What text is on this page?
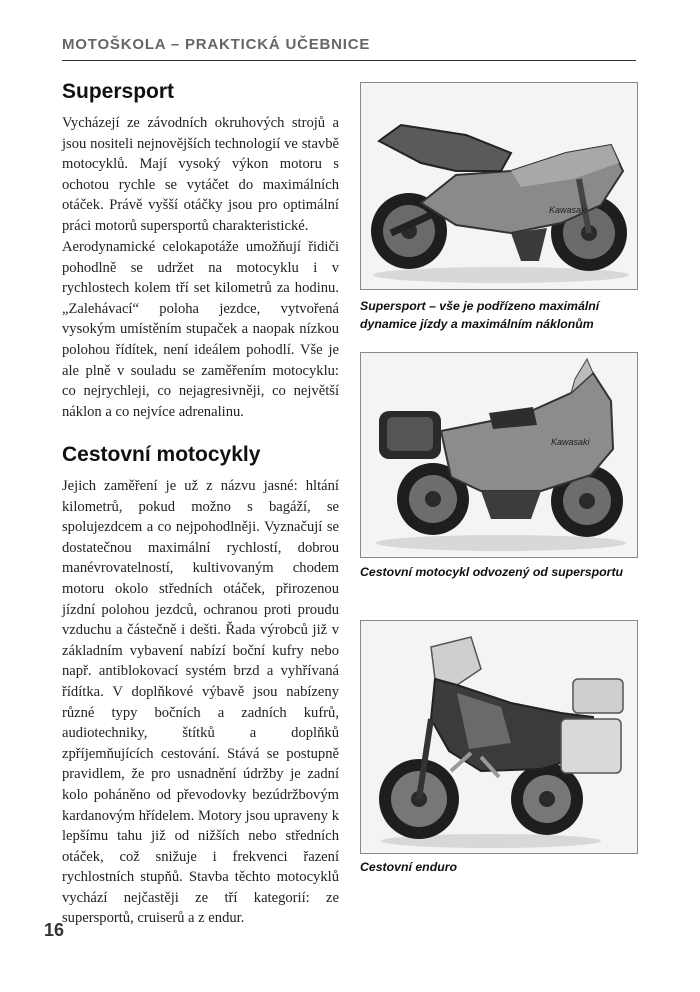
MOTOŠKOLA – PRAKTICKÁ UČEBNICE
Supersport

Vycházejí ze závodních okruhových strojů a jsou nositeli nejnovějších technologií ve stavbě motocyklů. Mají vysoký výkon motoru s ochotou rychle se vytáčet do maximálních otáček. Právě vyšší otáčky jsou pro optimální práci motorů supersportů charakteristické.

Aerodynamické celokapotáže umožňují řidiči pohodlně se udržet na motocyklu i v rychlostech kolem tří set kilometrů za hodinu. „Zalehávací“ poloha jezdce, vytvořená vysokým umístěním stupaček a naopak nízkou polohou řídítek, není ideálem pohodlí. Vše je ale plně v souladu se zaměřením motocyklu: co nejrychleji, co nejagresivněji, co největší náklon a co nejvíce adrenalinu.

Cestovní motocykly

Jejich zaměření je už z názvu jasné: hltání kilometrů, pokud možno s bagáží, se spolujezdcem a co nejpohodlněji. Vyznačují se dostatečnou maximální rychlostí, dobrou manévrovatelností, kultivovaným chodem motoru okolo středních otáček, přirozenou jízdní polohou jezdců, ochranou proti proudu vzduchu a částečně i dešti. Řada výrobců již v základním vybavení nabízí boční kufry nebo např. antiblokovací systém brzd a vyhřívaná řídítka. V doplňkové výbavě jsou nabízeny různé typy bočních a zadních kufrů, audiotechniky, štítků a doplňků zpříjemňujících cestování. Stává se postupně pravidlem, že pro usnadnění údržby je zadní kolo poháněno od převodovky bezúdržbovým kardanovým hřídelem. Motory jsou upraveny k lepšímu tahu již od nižších nebo středních otáček, což snižuje i frekvenci řazení rychlostních stupňů. Stavba těchto motocyklů vychází nejčastěji ze tří kategorií: ze supersportů, cruiserů a z endur.

Kawasaki

Supersport – vše je podřízeno maximální dynamice jízdy a maximálním náklonům

Kawasaki

Cestovní motocykl odvozený od supersportu

Cestovní enduro

16
